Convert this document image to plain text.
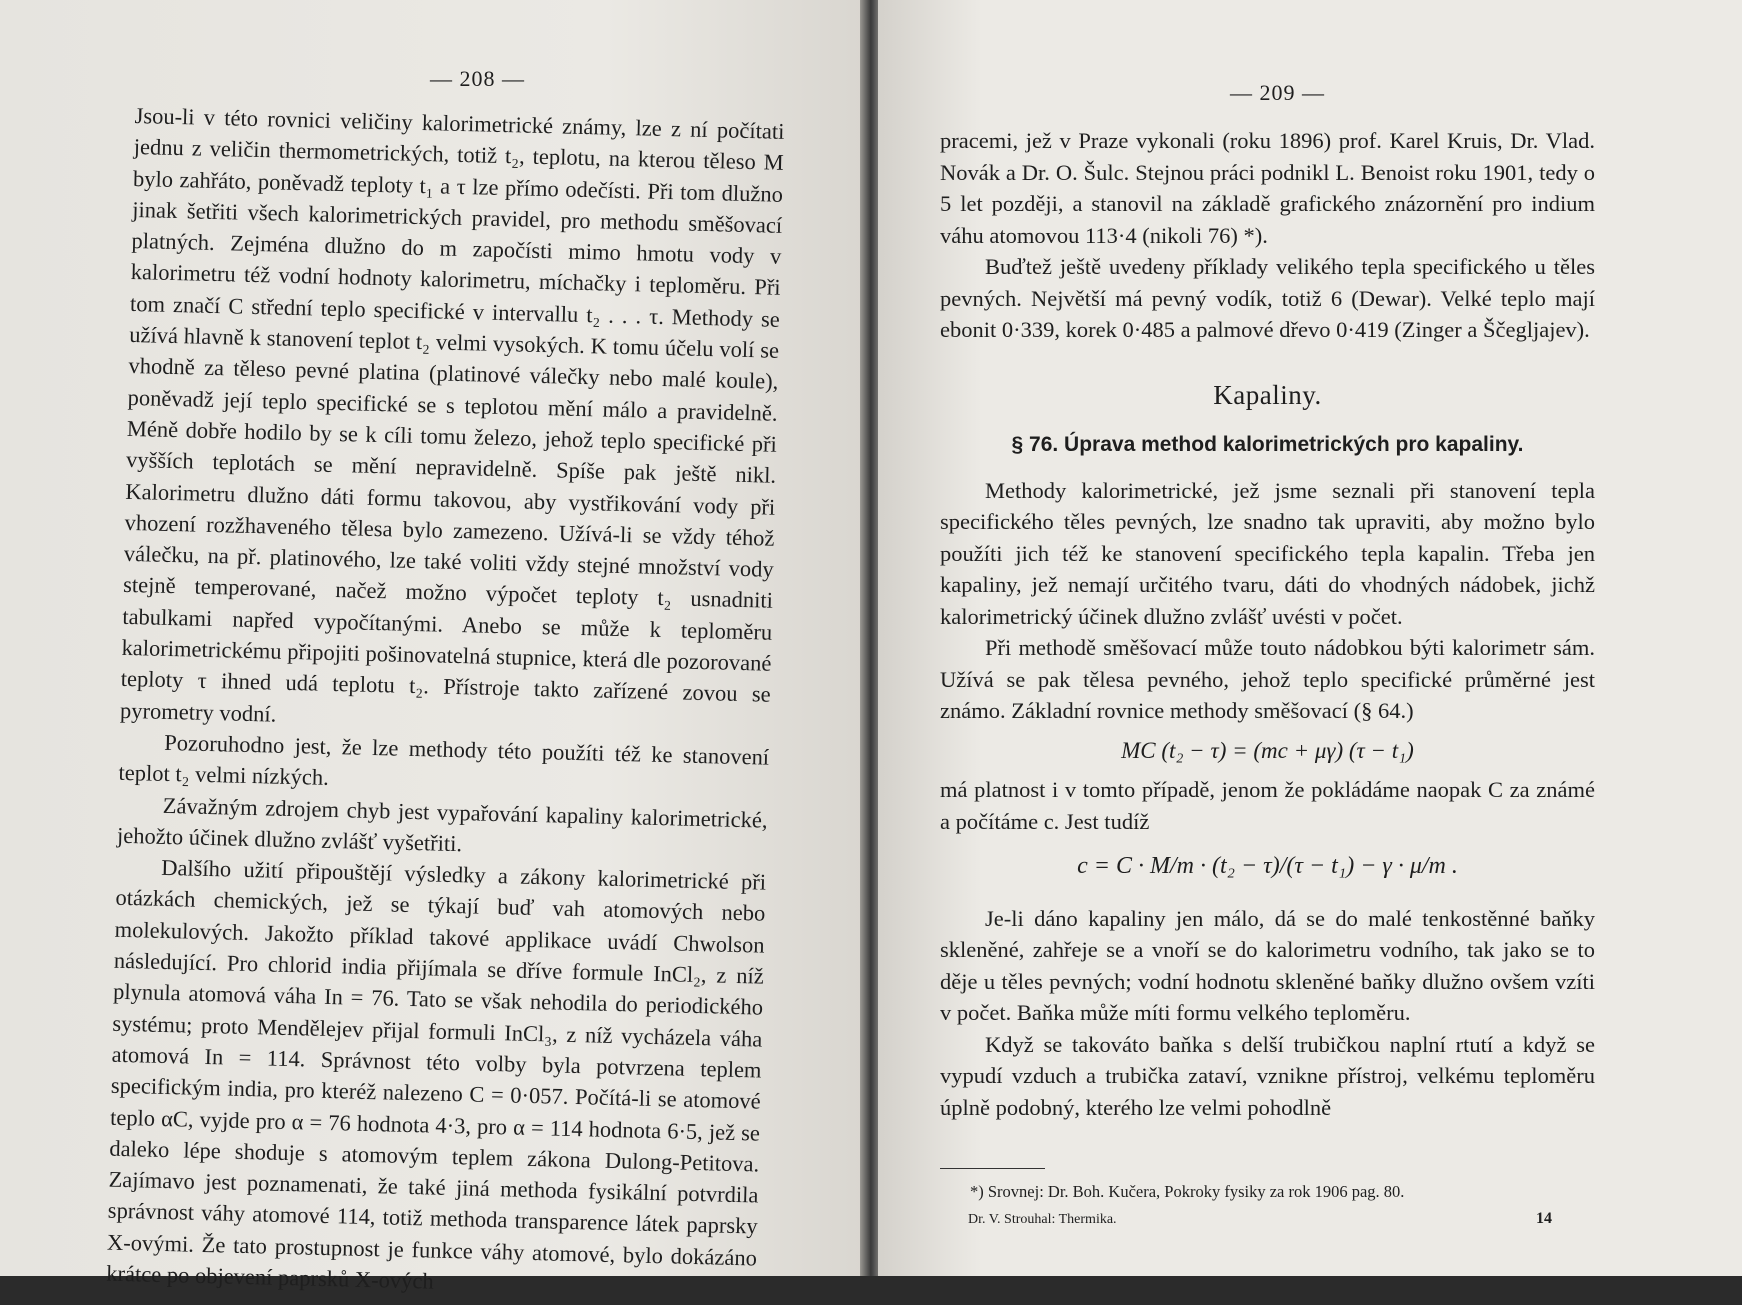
— 208 —

Jsou-li v této rovnici veličiny kalorimetrické známy, lze z ní počítati jednu z veličin thermometrických, totiž t₂, teplotu, na kterou těleso M bylo zahřáto, poněvadž teploty t₁ a τ lze přímo odečísti. Při tom dlužno jinak šetřiti všech kalorimetrických pravidel, pro methodu směšovací platných. Zejména dlužno do m započísti mimo hmotu vody v kalorimetru též vodní hodnoty kalorimetru, míchačky i teploměru. Při tom značí C střední teplo specifické v intervallu t₂ . . . τ. Methody se užívá hlavně k stanovení teplot t₂ velmi vysokých. K tomu účelu volí se vhodně za těleso pevné platina (platinové válečky nebo malé koule), poněvadž její teplo specifické se s teplotou mění málo a pravidelně. Méně dobře hodilo by se k cíli tomu železo, jehož teplo specifické při vyšších teplotách se mění nepravidelně. Spíše pak ještě nikl. Kalorimetru dlužno dáti formu takovou, aby vystřikování vody při vhození rozžhaveného tělesa bylo zamezeno. Užívá-li se vždy téhož válečku, na př. platinového, lze také voliti vždy stejné množství vody stejně temperované, načež možno výpočet teploty t₂ usnadniti tabulkami napřed vypočítanými. Anebo se může k teploměru kalorimetrickému připojiti pošinovatelná stupnice, která dle pozorované teploty τ ihned udá teplotu t₂. Přístroje takto zařízené zovou se pyrometry vodní.

Pozoruhodno jest, že lze methody této použíti též ke stanovení teplot t₂ velmi nízkých.

Závažným zdrojem chyb jest vypařování kapaliny kalorimetrické, jehožto účinek dlužno zvlášť vyšetřiti.

Dalšího užití připouštějí výsledky a zákony kalorimetrické při otázkách chemických, jež se týkají buď vah atomových nebo molekulových. Jakožto příklad takové applikace uvádí Chwolson následující. Pro chlorid india přijímala se dříve formule InCl₂, z níž plynula atomová váha In = 76. Tato se však nehodila do periodického systému; proto Mendělejev přijal formuli InCl₃, z níž vycházela váha atomová In = 114. Správnost této volby byla potvrzena teplem specifickým india, pro kteréž nalezeno C = 0·057. Počítá-li se atomové teplo αC, vyjde pro α = 76 hodnota 4·3, pro α = 114 hodnota 6·5, jež se daleko lépe shoduje s atomovým teplem zákona Dulong-Petitova. Zajímavo jest poznamenati, že také jiná methoda fysikální potvrdila správnost váhy atomové 114, totiž methoda transparence látek paprsky X-ovými. Že tato prostupnost je funkce váhy atomové, bylo dokázáno krátce po objevení paprsků X-ových

— 209 —

pracemi, jež v Praze vykonali (roku 1896) prof. Karel Kruis, Dr. Vlad. Novák a Dr. O. Šulc. Stejnou práci podnikl L. Benoist roku 1901, tedy o 5 let později, a stanovil na základě grafického znázornění pro indium váhu atomovou 113·4 (nikoli 76) *).

Buďtež ještě uvedeny příklady velikého tepla specifického u těles pevných. Největší má pevný vodík, totiž 6 (Dewar). Velké teplo mají ebonit 0·339, korek 0·485 a palmové dřevo 0·419 (Zinger a Ščegljajev).

Kapaliny.
§ 76. Úprava method kalorimetrických pro kapaliny.

Methody kalorimetrické, jež jsme seznali při stanovení tepla specifického těles pevných, lze snadno tak upraviti, aby možno bylo použíti jich též ke stanovení specifického tepla kapalin. Třeba jen kapaliny, jež nemají určitého tvaru, dáti do vhodných nádobek, jichž kalorimetrický účinek dlužno zvlášť uvésti v počet.

Při methodě směšovací může touto nádobkou býti kalorimetr sám. Užívá se pak tělesa pevného, jehož teplo specifické průměrné jest známo. Základní rovnice methody směšovací (§ 64.)

MC (t₂ − τ) = (mc + μγ) (τ − t₁)

má platnost i v tomto případě, jenom že pokládáme naopak C za známé a počítáme c. Jest tudíž

c = C · M/m · (t₂ − τ)/(τ − t₁) − γ · μ/m .

Je-li dáno kapaliny jen málo, dá se do malé tenkostěnné baňky skleněné, zahřeje se a vnoří se do kalorimetru vodního, tak jako se to děje u těles pevných; vodní hodnotu skleněné baňky dlužno ovšem vzíti v počet. Baňka může míti formu velkého teploměru.

Když se takováto baňka s delší trubičkou naplní rtutí a když se vypudí vzduch a trubička zataví, vznikne přístroj, velkému teploměru úplně podobný, kterého lze velmi pohodlně

*) Srovnej: Dr. Boh. Kučera, Pokroky fysiky za rok 1906 pag. 80.
Dr. V. Strouhal: Thermika.	14
